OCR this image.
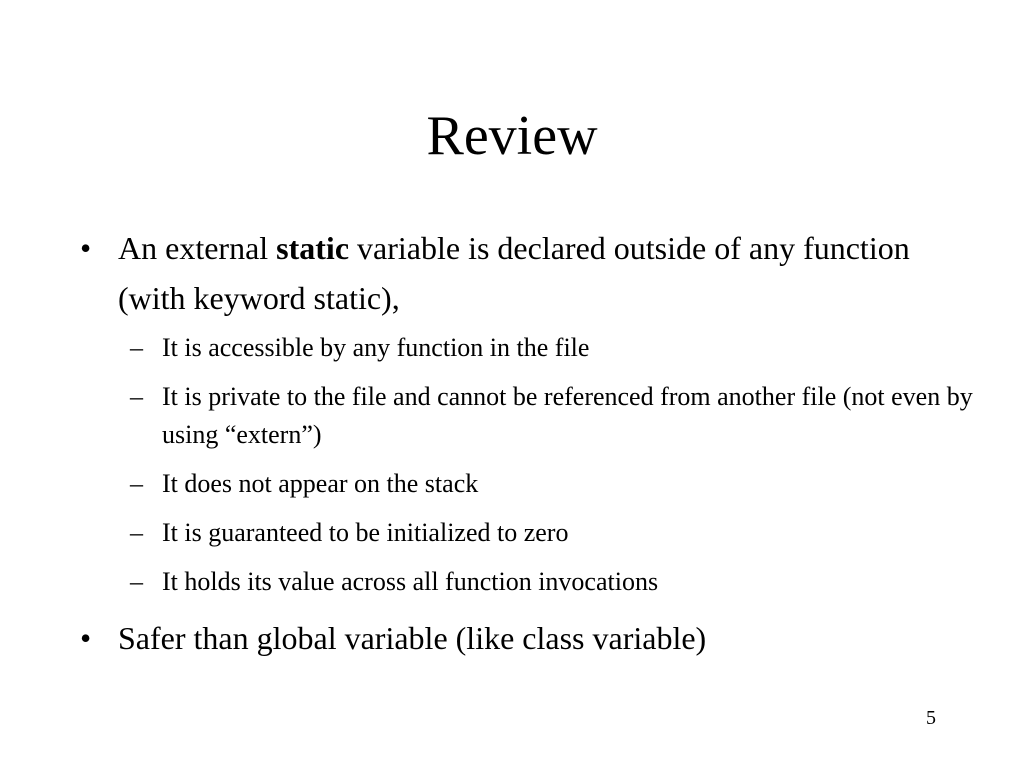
Review
• An external static variable is declared outside of any function (with keyword static),
– It is accessible by any function in the file
– It is private to the file and cannot be referenced from another file (not even by using “extern”)
– It does not appear on the stack
– It is guaranteed to be initialized to zero
– It holds its value across all function invocations
• Safer than global variable (like class variable)
5
